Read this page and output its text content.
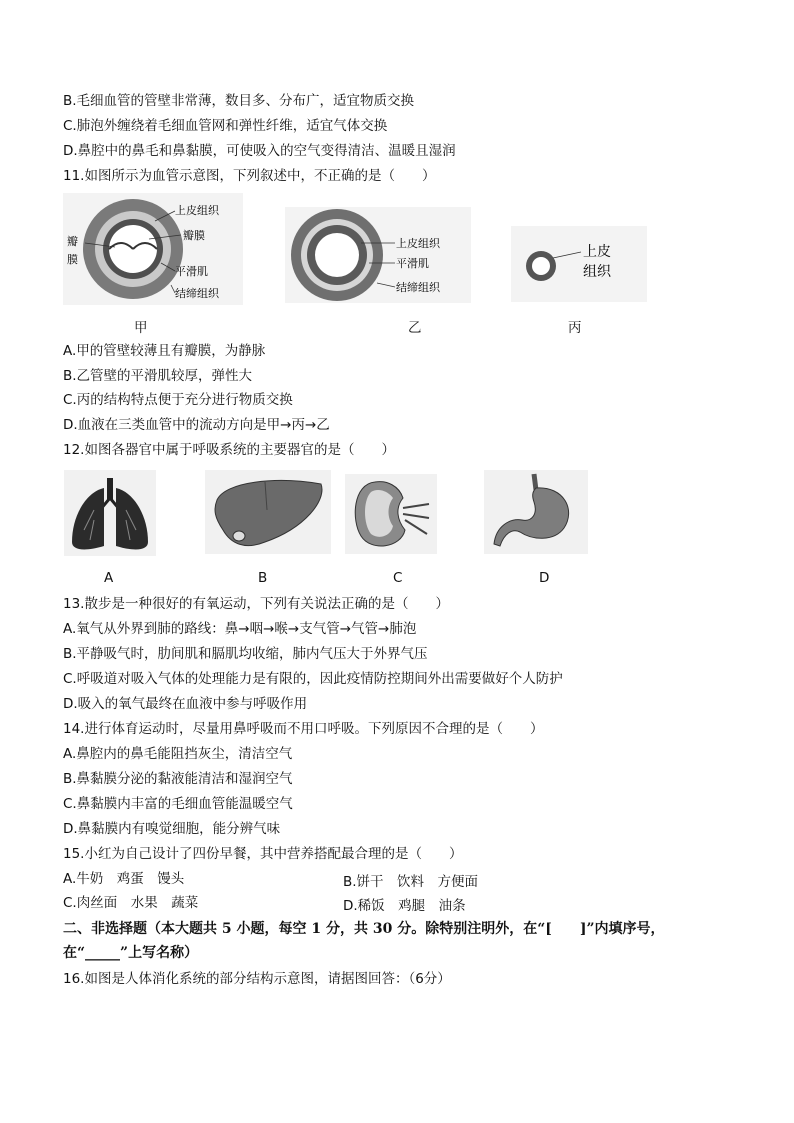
B.毛细血管的管壁非常薄，数目多、分布广，适宜物质交换
C.肺泡外缠绕着毛细血管网和弹性纤维，适宜气体交换
D.鼻腔中的鼻毛和鼻黏膜，可使吸入的空气变得清洁、温暖且湿润
11.如图所示为血管示意图，下列叙述中，不正确的是（　　）
上皮组织
瓣膜
平滑肌
结缔组织
瓣
膜
上皮组织
平滑肌
结缔组织
上皮
组织
甲	乙	丙
A.甲的管壁较薄且有瓣膜，为静脉
B.乙管壁的平滑肌较厚，弹性大
C.丙的结构特点便于充分进行物质交换
D.血液在三类血管中的流动方向是甲→丙→乙
12.如图各器官中属于呼吸系统的主要器官的是（　　）
A	B	C	D
13.散步是一种很好的有氧运动，下列有关说法正确的是（　　）
A.氧气从外界到肺的路线：鼻→咽→喉→支气管→气管→肺泡
B.平静吸气时，肋间肌和膈肌均收缩，肺内气压大于外界气压
C.呼吸道对吸入气体的处理能力是有限的，因此疫情防控期间外出需要做好个人防护
D.吸入的氧气最终在血液中参与呼吸作用
14.进行体育运动时，尽量用鼻呼吸而不用口呼吸。下列原因不合理的是（　　）
A.鼻腔内的鼻毛能阻挡灰尘，清洁空气
B.鼻黏膜分泌的黏液能清洁和湿润空气
C.鼻黏膜内丰富的毛细血管能温暖空气
D.鼻黏膜内有嗅觉细胞，能分辨气味
15.小红为自己设计了四份早餐，其中营养搭配最合理的是（　　）
A.牛奶　鸡蛋　馒头	B.饼干　饮料　方便面
C.肉丝面　水果　蔬菜	D.稀饭　鸡腿　油条
二、非选择题（本大题共 5 小题，每空 1 分，共 30 分。除特别注明外，在“[　　]”内填序号，
在“_____”上写名称）
16.如图是人体消化系统的部分结构示意图，请据图回答：（6分）
